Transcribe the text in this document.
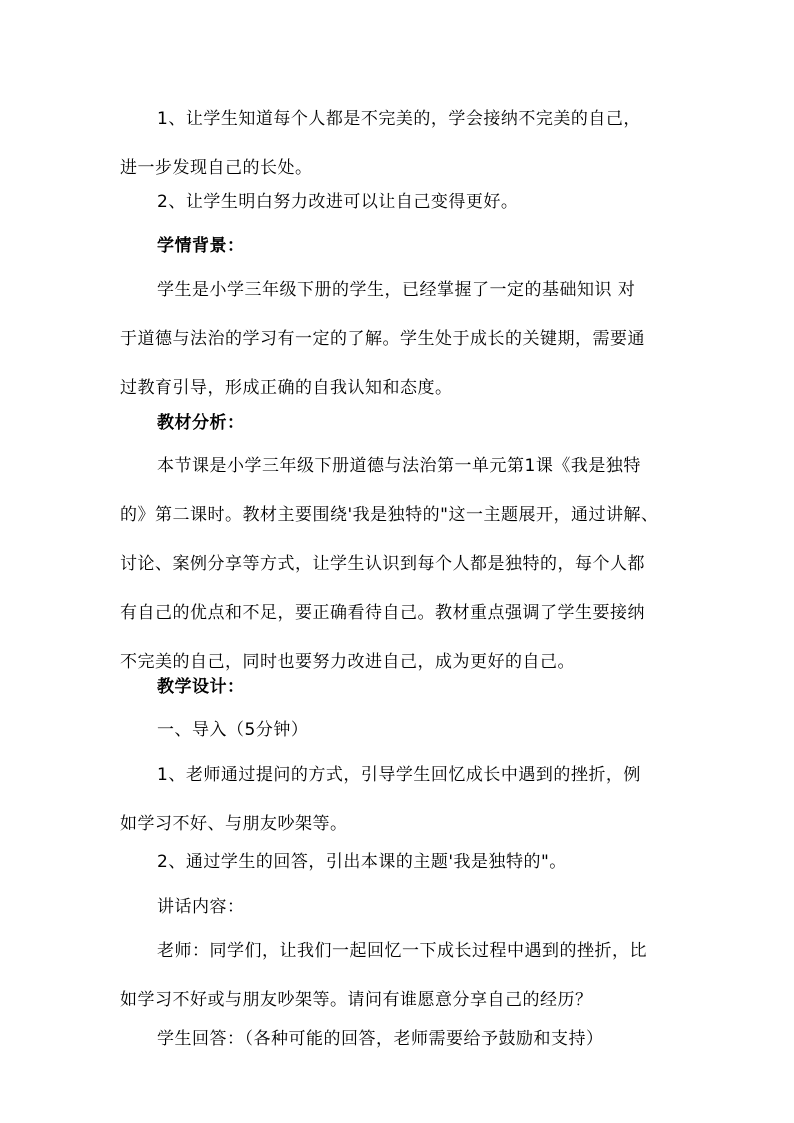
1、让学生知道每个人都是不完美的，学会接纳不完美的自己，
进一步发现自己的长处。

2、让学生明白努力改进可以让自己变得更好。

学情背景：

学生是小学三年级下册的学生，已经掌握了一定的基础知识 对
于道德与法治的学习有一定的了解。学生处于成长的关键期，需要通
过教育引导，形成正确的自我认知和态度。

教材分析：

本节课是小学三年级下册道德与法治第一单元第1课《我是独特
的》第二课时。教材主要围绕'我是独特的"这一主题展开，通过讲解、
讨论、案例分享等方式，让学生认识到每个人都是独特的，每个人都
有自己的优点和不足，要正确看待自己。教材重点强调了学生要接纳
不完美的自己，同时也要努力改进自己，成为更好的自己。

教学设计：

一、导入（5分钟）

1、老师通过提问的方式，引导学生回忆成长中遇到的挫折，例
如学习不好、与朋友吵架等。

2、通过学生的回答，引出本课的主题'我是独特的"。

讲话内容：

老师：同学们，让我们一起回忆一下成长过程中遇到的挫折，比
如学习不好或与朋友吵架等。请问有谁愿意分享自己的经历？

学生回答：（各种可能的回答，老师需要给予鼓励和支持）
